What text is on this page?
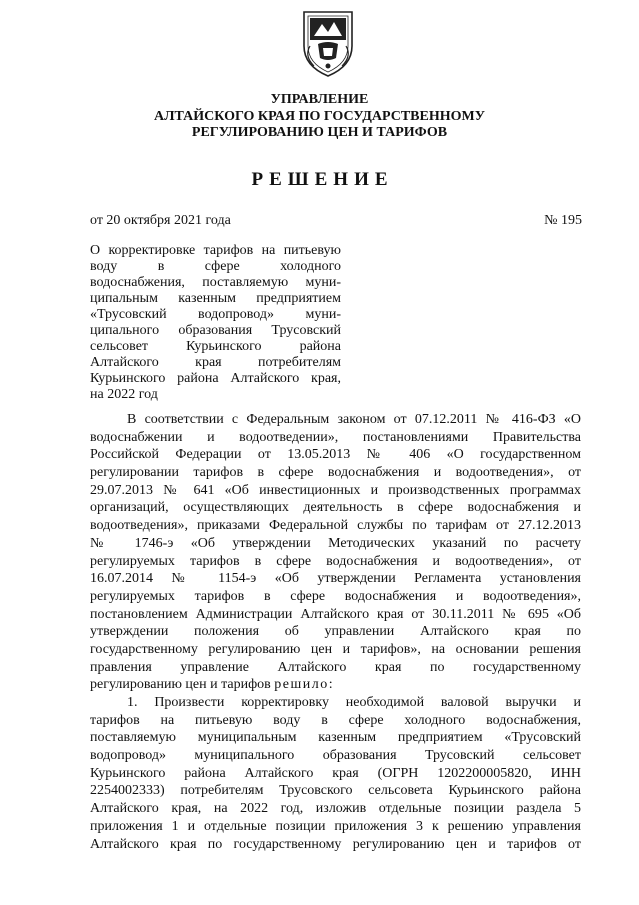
УПРАВЛЕНИЕ
АЛТАЙСКОГО КРАЯ ПО ГОСУДАРСТВЕННОМУ
РЕГУЛИРОВАНИЮ ЦЕН И ТАРИФОВ
РЕШЕНИЕ
от 20 октября 2021 года	№ 195
О корректировке тарифов на питьевую
воду в сфере холодного
водоснабжения, поставляемую муни-
ципальным казенным предприятием
«Трусовский водопровод» муни-
ципального образования Трусовский
сельсовет Курьинского района
Алтайского края потребителям
Курьинского района Алтайского края,
на 2022 год
В соответствии с Федеральным законом от 07.12.2011 № 416-ФЗ «О
водоснабжении и водоотведении», постановлениями Правительства
Российской Федерации от 13.05.2013 № 406 «О государственном
регулировании тарифов в сфере водоснабжения и водоотведения», от
29.07.2013 № 641 «Об инвестиционных и производственных программах
организаций, осуществляющих деятельность в сфере водоснабжения и
водоотведения», приказами Федеральной службы по тарифам от 27.12.2013
№ 1746-э «Об утверждении Методических указаний по расчету
регулируемых тарифов в сфере водоснабжения и водоотведения», от
16.07.2014 № 1154-э «Об утверждении Регламента установления
регулируемых тарифов в сфере водоснабжения и водоотведения»,
постановлением Администрации Алтайского края от 30.11.2011 № 695 «Об
утверждении положения об управлении Алтайского края по
государственному регулированию цен и тарифов», на основании решения
правления управление Алтайского края по государственному
регулированию цен и тарифов решило:
1. Произвести корректировку необходимой валовой выручки и
тарифов на питьевую воду в сфере холодного водоснабжения,
поставляемую муниципальным казенным предприятием «Трусовский
водопровод» муниципального образования Трусовский сельсовет
Курьинского района Алтайского края (ОГРН 1202200005820, ИНН
2254002333) потребителям Трусовского сельсовета Курьинского района
Алтайского края, на 2022 год, изложив отдельные позиции раздела 5
приложения 1 и отдельные позиции приложения 3 к решению управления
Алтайского края по государственному регулированию цен и тарифов от
